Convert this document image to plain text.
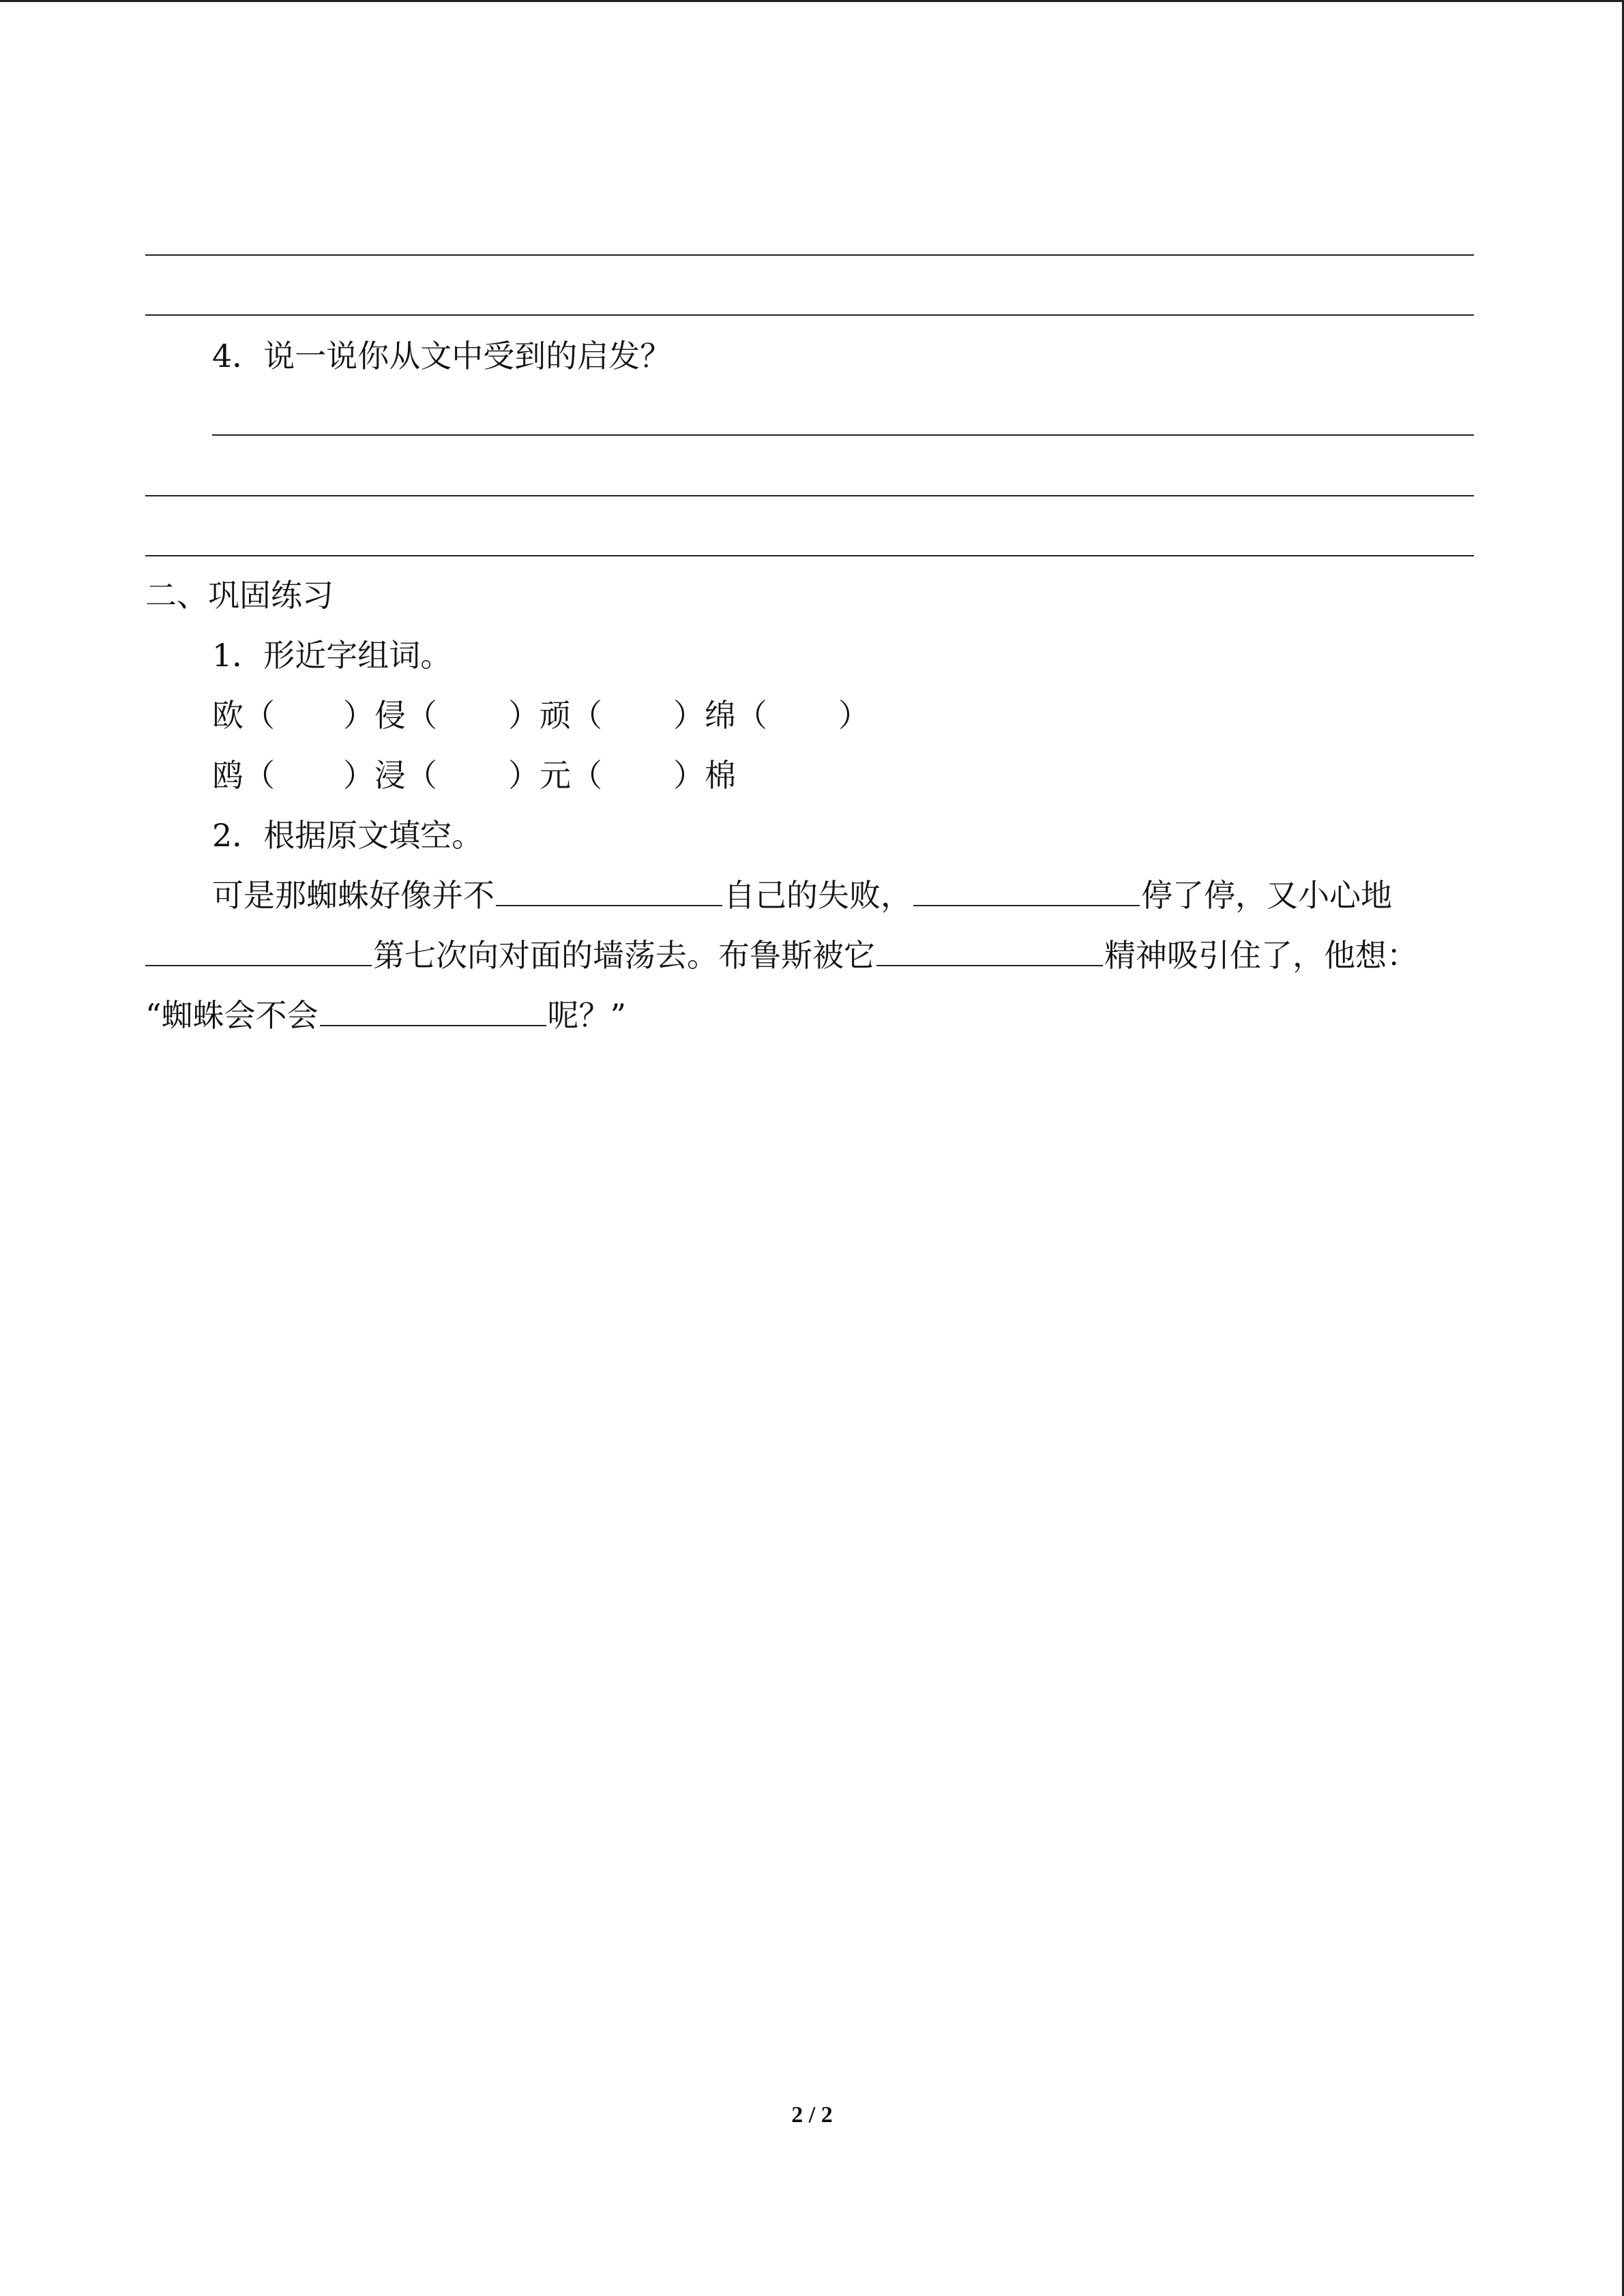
4．说一说你从文中受到的启发？
二、巩固练习
1．形近字组词。
欧（ ）侵（ ）顽（ ）绵（ ）
鸥（ ）浸（ ）元（ ）棉
2．根据原文填空。
可是那蜘蛛好像并不	自己的失败，	停了停，又小心地
第七次向对面的墙荡去。布鲁斯被它	精神吸引住了，他想：
“蜘蛛会不会	呢？”
2 / 2
